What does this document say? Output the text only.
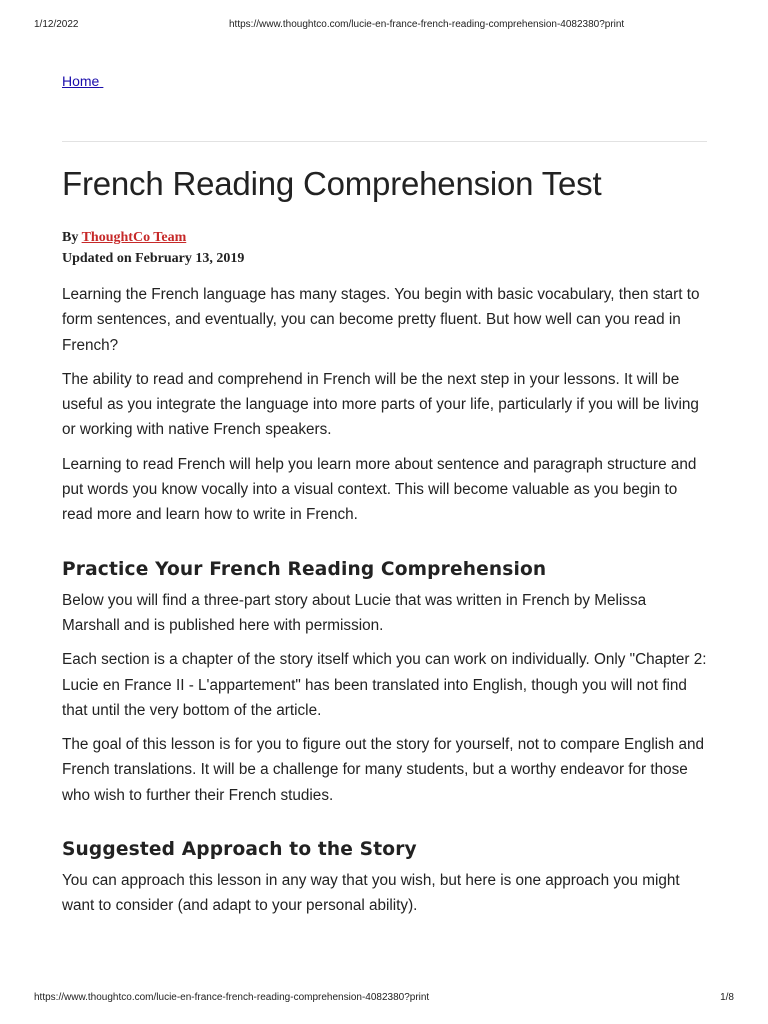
1/12/2022	https://www.thoughtco.com/lucie-en-france-french-reading-comprehension-4082380?print
Home
French Reading Comprehension Test
By ThoughtCo Team
Updated on February 13, 2019

Learning the French language has many stages. You begin with basic vocabulary, then start to form sentences, and eventually, you can become pretty fluent. But how well can you read in French?

The ability to read and comprehend in French will be the next step in your lessons. It will be useful as you integrate the language into more parts of your life, particularly if you will be living or working with native French speakers.

Learning to read French will help you learn more about sentence and paragraph structure and put words you know vocally into a visual context. This will become valuable as you begin to read more and learn how to write in French.

Practice Your French Reading Comprehension

Below you will find a three-part story about Lucie that was written in French by Melissa Marshall and is published here with permission.

Each section is a chapter of the story itself which you can work on individually. Only "Chapter 2: Lucie en France II - L'appartement" has been translated into English, though you will not find that until the very bottom of the article.

The goal of this lesson is for you to figure out the story for yourself, not to compare English and French translations. It will be a challenge for many students, but a worthy endeavor for those who wish to further their French studies.

Suggested Approach to the Story

You can approach this lesson in any way that you wish, but here is one approach you might want to consider (and adapt to your personal ability).

https://www.thoughtco.com/lucie-en-france-french-reading-comprehension-4082380?print	1/8
